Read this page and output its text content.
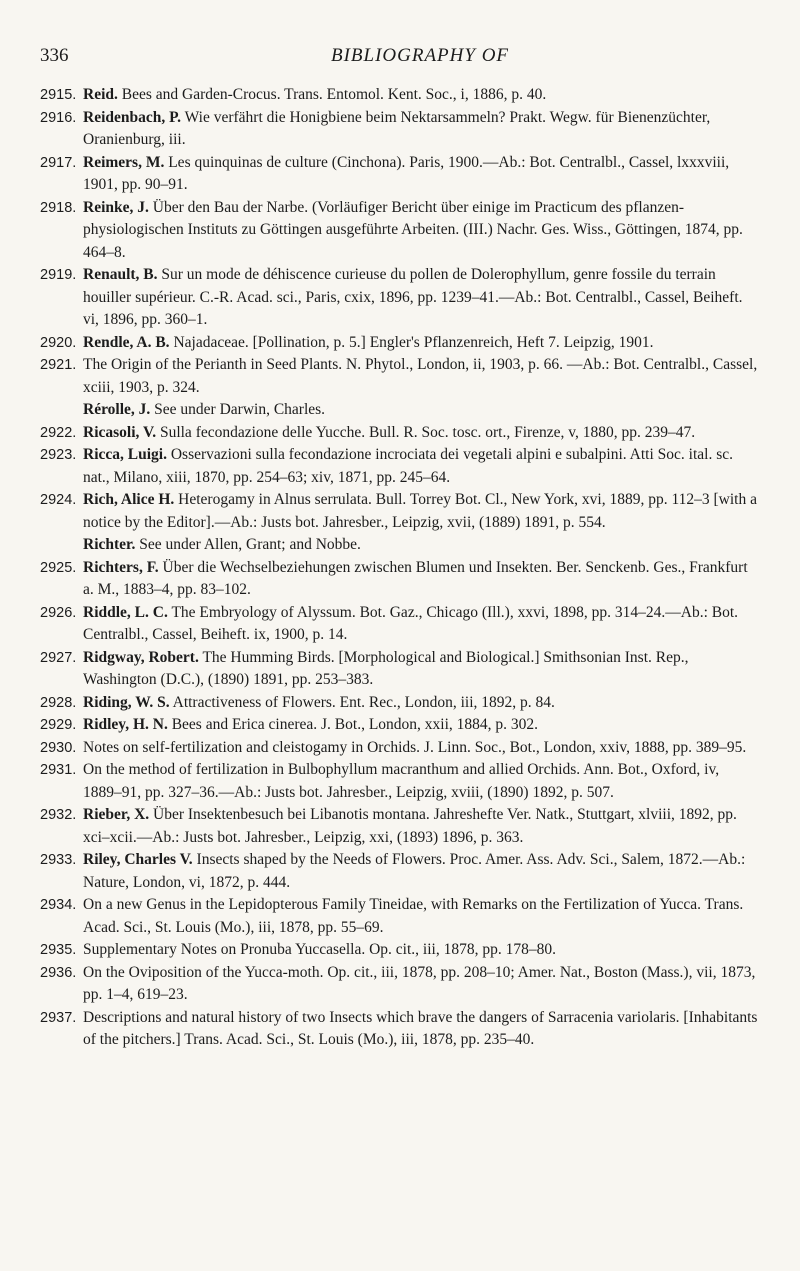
336	BIBLIOGRAPHY OF
2915. Reid. Bees and Garden-Crocus. Trans. Entomol. Kent. Soc., i, 1886, p. 40.
2916. Reidenbach, P. Wie verfährt die Honigbiene beim Nektarsammeln? Prakt. Wegw. für Bienenzüchter, Oranienburg, iii.
2917. Reimers, M. Les quinquinas de culture (Cinchona). Paris, 1900.—Ab.: Bot. Centralbl., Cassel, lxxxviii, 1901, pp. 90–91.
2918. Reinke, J. Über den Bau der Narbe. (Vorläufiger Bericht über einige im Practicum des pflanzen-physiologischen Instituts zu Göttingen ausgeführte Arbeiten. (III.) Nachr. Ges. Wiss., Göttingen, 1874, pp. 464–8.
2919. Renault, B. Sur un mode de déhiscence curieuse du pollen de Dolerophyllum, genre fossile du terrain houiller supérieur. C.-R. Acad. sci., Paris, cxix, 1896, pp. 1239–41.—Ab.: Bot. Centralbl., Cassel, Beiheft. vi, 1896, pp. 360–1.
2920. Rendle, A. B. Najadaceae. [Pollination, p. 5.] Engler's Pflanzenreich, Heft 7. Leipzig, 1901.
2921. The Origin of the Perianth in Seed Plants. N. Phytol., London, ii, 1903, p. 66. —Ab.: Bot. Centralbl., Cassel, xciii, 1903, p. 324.
Rérolle, J. See under Darwin, Charles.
2922. Ricasoli, V. Sulla fecondazione delle Yucche. Bull. R. Soc. tosc. ort., Firenze, v, 1880, pp. 239–47.
2923. Ricca, Luigi. Osservazioni sulla fecondazione incrociata dei vegetali alpini e subalpini. Atti Soc. ital. sc. nat., Milano, xiii, 1870, pp. 254–63; xiv, 1871, pp. 245–64.
2924. Rich, Alice H. Heterogamy in Alnus serrulata. Bull. Torrey Bot. Cl., New York, xvi, 1889, pp. 112–3 [with a notice by the Editor].—Ab.: Justs bot. Jahresber., Leipzig, xvii, (1889) 1891, p. 554.
Richter. See under Allen, Grant; and Nobbe.
2925. Richters, F. Über die Wechselbeziehungen zwischen Blumen und Insekten. Ber. Senckenb. Ges., Frankfurt a. M., 1883–4, pp. 83–102.
2926. Riddle, L. C. The Embryology of Alyssum. Bot. Gaz., Chicago (Ill.), xxvi, 1898, pp. 314–24.—Ab.: Bot. Centralbl., Cassel, Beiheft. ix, 1900, p. 14.
2927. Ridgway, Robert. The Humming Birds. [Morphological and Biological.] Smithsonian Inst. Rep., Washington (D.C.), (1890) 1891, pp. 253–383.
2928. Riding, W. S. Attractiveness of Flowers. Ent. Rec., London, iii, 1892, p. 84.
2929. Ridley, H. N. Bees and Erica cinerea. J. Bot., London, xxii, 1884, p. 302.
2930. Notes on self-fertilization and cleistogamy in Orchids. J. Linn. Soc., Bot., London, xxiv, 1888, pp. 389–95.
2931. On the method of fertilization in Bulbophyllum macranthum and allied Orchids. Ann. Bot., Oxford, iv, 1889–91, pp. 327–36.—Ab.: Justs bot. Jahresber., Leipzig, xviii, (1890) 1892, p. 507.
2932. Rieber, X. Über Insektenbesuch bei Libanotis montana. Jahreshefte Ver. Natk., Stuttgart, xlviii, 1892, pp. xci–xcii.—Ab.: Justs bot. Jahresber., Leipzig, xxi, (1893) 1896, p. 363.
2933. Riley, Charles V. Insects shaped by the Needs of Flowers. Proc. Amer. Ass. Adv. Sci., Salem, 1872.—Ab.: Nature, London, vi, 1872, p. 444.
2934. On a new Genus in the Lepidopterous Family Tineidae, with Remarks on the Fertilization of Yucca. Trans. Acad. Sci., St. Louis (Mo.), iii, 1878, pp. 55–69.
2935. Supplementary Notes on Pronuba Yuccasella. Op. cit., iii, 1878, pp. 178–80.
2936. On the Oviposition of the Yucca-moth. Op. cit., iii, 1878, pp. 208–10; Amer. Nat., Boston (Mass.), vii, 1873, pp. 1–4, 619–23.
2937. Descriptions and natural history of two Insects which brave the dangers of Sarracenia variolaris. [Inhabitants of the pitchers.] Trans. Acad. Sci., St. Louis (Mo.), iii, 1878, pp. 235–40.
